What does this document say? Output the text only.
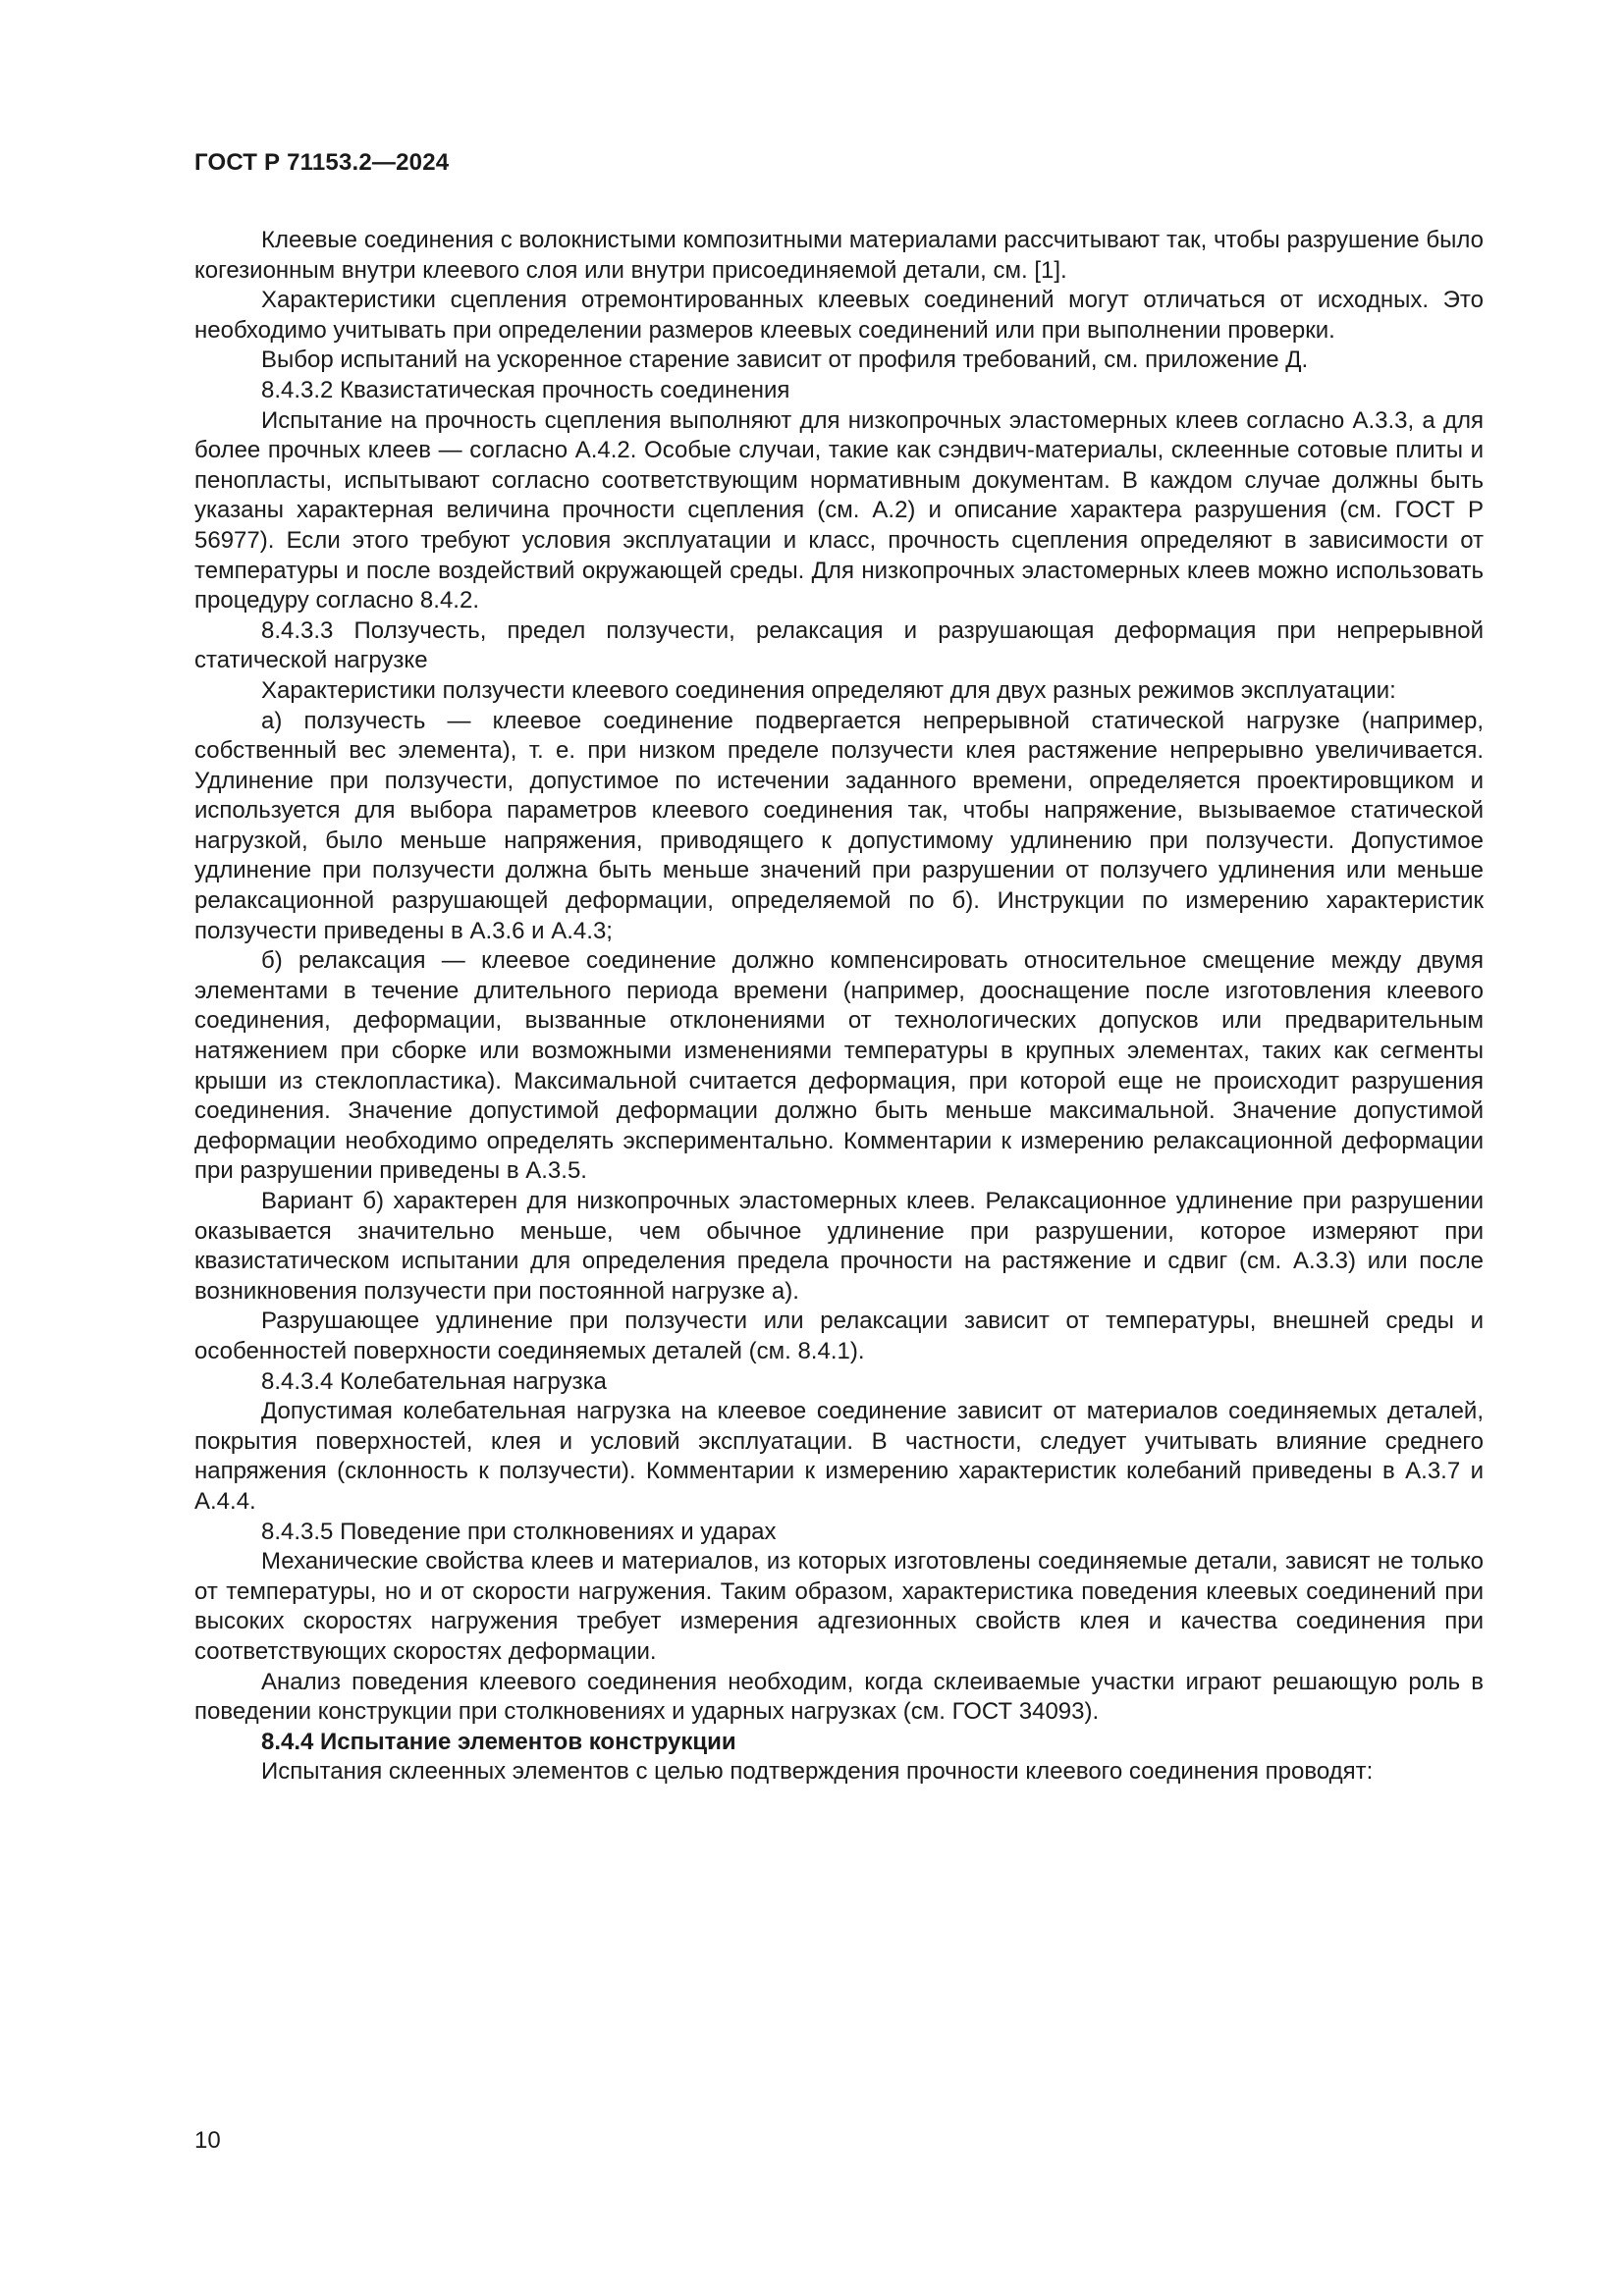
ГОСТ Р 71153.2—2024

Клеевые соединения с волокнистыми композитными материалами рассчитывают так, чтобы разрушение было когезионным внутри клеевого слоя или внутри присоединяемой детали, см. [1].

Характеристики сцепления отремонтированных клеевых соединений могут отличаться от исходных. Это необходимо учитывать при определении размеров клеевых соединений или при выполнении проверки.

Выбор испытаний на ускоренное старение зависит от профиля требований, см. приложение Д.

8.4.3.2 Квазистатическая прочность соединения

Испытание на прочность сцепления выполняют для низкопрочных эластомерных клеев согласно А.3.3, а для более прочных клеев — согласно А.4.2. Особые случаи, такие как сэндвич-материалы, склеенные сотовые плиты и пенопласты, испытывают согласно соответствующим нормативным документам. В каждом случае должны быть указаны характерная величина прочности сцепления (см. А.2) и описание характера разрушения (см. ГОСТ Р 56977). Если этого требуют условия эксплуатации и класс, прочность сцепления определяют в зависимости от температуры и после воздействий окружающей среды. Для низкопрочных эластомерных клеев можно использовать процедуру согласно 8.4.2.

8.4.3.3 Ползучесть, предел ползучести, релаксация и разрушающая деформация при непрерывной статической нагрузке

Характеристики ползучести клеевого соединения определяют для двух разных режимов эксплуатации:

а) ползучесть — клеевое соединение подвергается непрерывной статической нагрузке (например, собственный вес элемента), т. е. при низком пределе ползучести клея растяжение непрерывно увеличивается. Удлинение при ползучести, допустимое по истечении заданного времени, определяется проектировщиком и используется для выбора параметров клеевого соединения так, чтобы напряжение, вызываемое статической нагрузкой, было меньше напряжения, приводящего к допустимому удлинению при ползучести. Допустимое удлинение при ползучести должна быть меньше значений при разрушении от ползучего удлинения или меньше релаксационной разрушающей деформации, определяемой по б). Инструкции по измерению характеристик ползучести приведены в А.3.6 и А.4.3;

б) релаксация — клеевое соединение должно компенсировать относительное смещение между двумя элементами в течение длительного периода времени (например, дооснащение после изготовления клеевого соединения, деформации, вызванные отклонениями от технологических допусков или предварительным натяжением при сборке или возможными изменениями температуры в крупных элементах, таких как сегменты крыши из стеклопластика). Максимальной считается деформация, при которой еще не происходит разрушения соединения. Значение допустимой деформации должно быть меньше максимальной. Значение допустимой деформации необходимо определять экспериментально. Комментарии к измерению релаксационной деформации при разрушении приведены в А.3.5.

Вариант б) характерен для низкопрочных эластомерных клеев. Релаксационное удлинение при разрушении оказывается значительно меньше, чем обычное удлинение при разрушении, которое измеряют при квазистатическом испытании для определения предела прочности на растяжение и сдвиг (см. А.3.3) или после возникновения ползучести при постоянной нагрузке а).

Разрушающее удлинение при ползучести или релаксации зависит от температуры, внешней среды и особенностей поверхности соединяемых деталей (см. 8.4.1).

8.4.3.4 Колебательная нагрузка

Допустимая колебательная нагрузка на клеевое соединение зависит от материалов соединяемых деталей, покрытия поверхностей, клея и условий эксплуатации. В частности, следует учитывать влияние среднего напряжения (склонность к ползучести). Комментарии к измерению характеристик колебаний приведены в А.3.7 и А.4.4.

8.4.3.5 Поведение при столкновениях и ударах

Механические свойства клеев и материалов, из которых изготовлены соединяемые детали, зависят не только от температуры, но и от скорости нагружения. Таким образом, характеристика поведения клеевых соединений при высоких скоростях нагружения требует измерения адгезионных свойств клея и качества соединения при соответствующих скоростях деформации.

Анализ поведения клеевого соединения необходим, когда склеиваемые участки играют решающую роль в поведении конструкции при столкновениях и ударных нагрузках (см. ГОСТ 34093).

8.4.4 Испытание элементов конструкции

Испытания склеенных элементов с целью подтверждения прочности клеевого соединения проводят:

10
